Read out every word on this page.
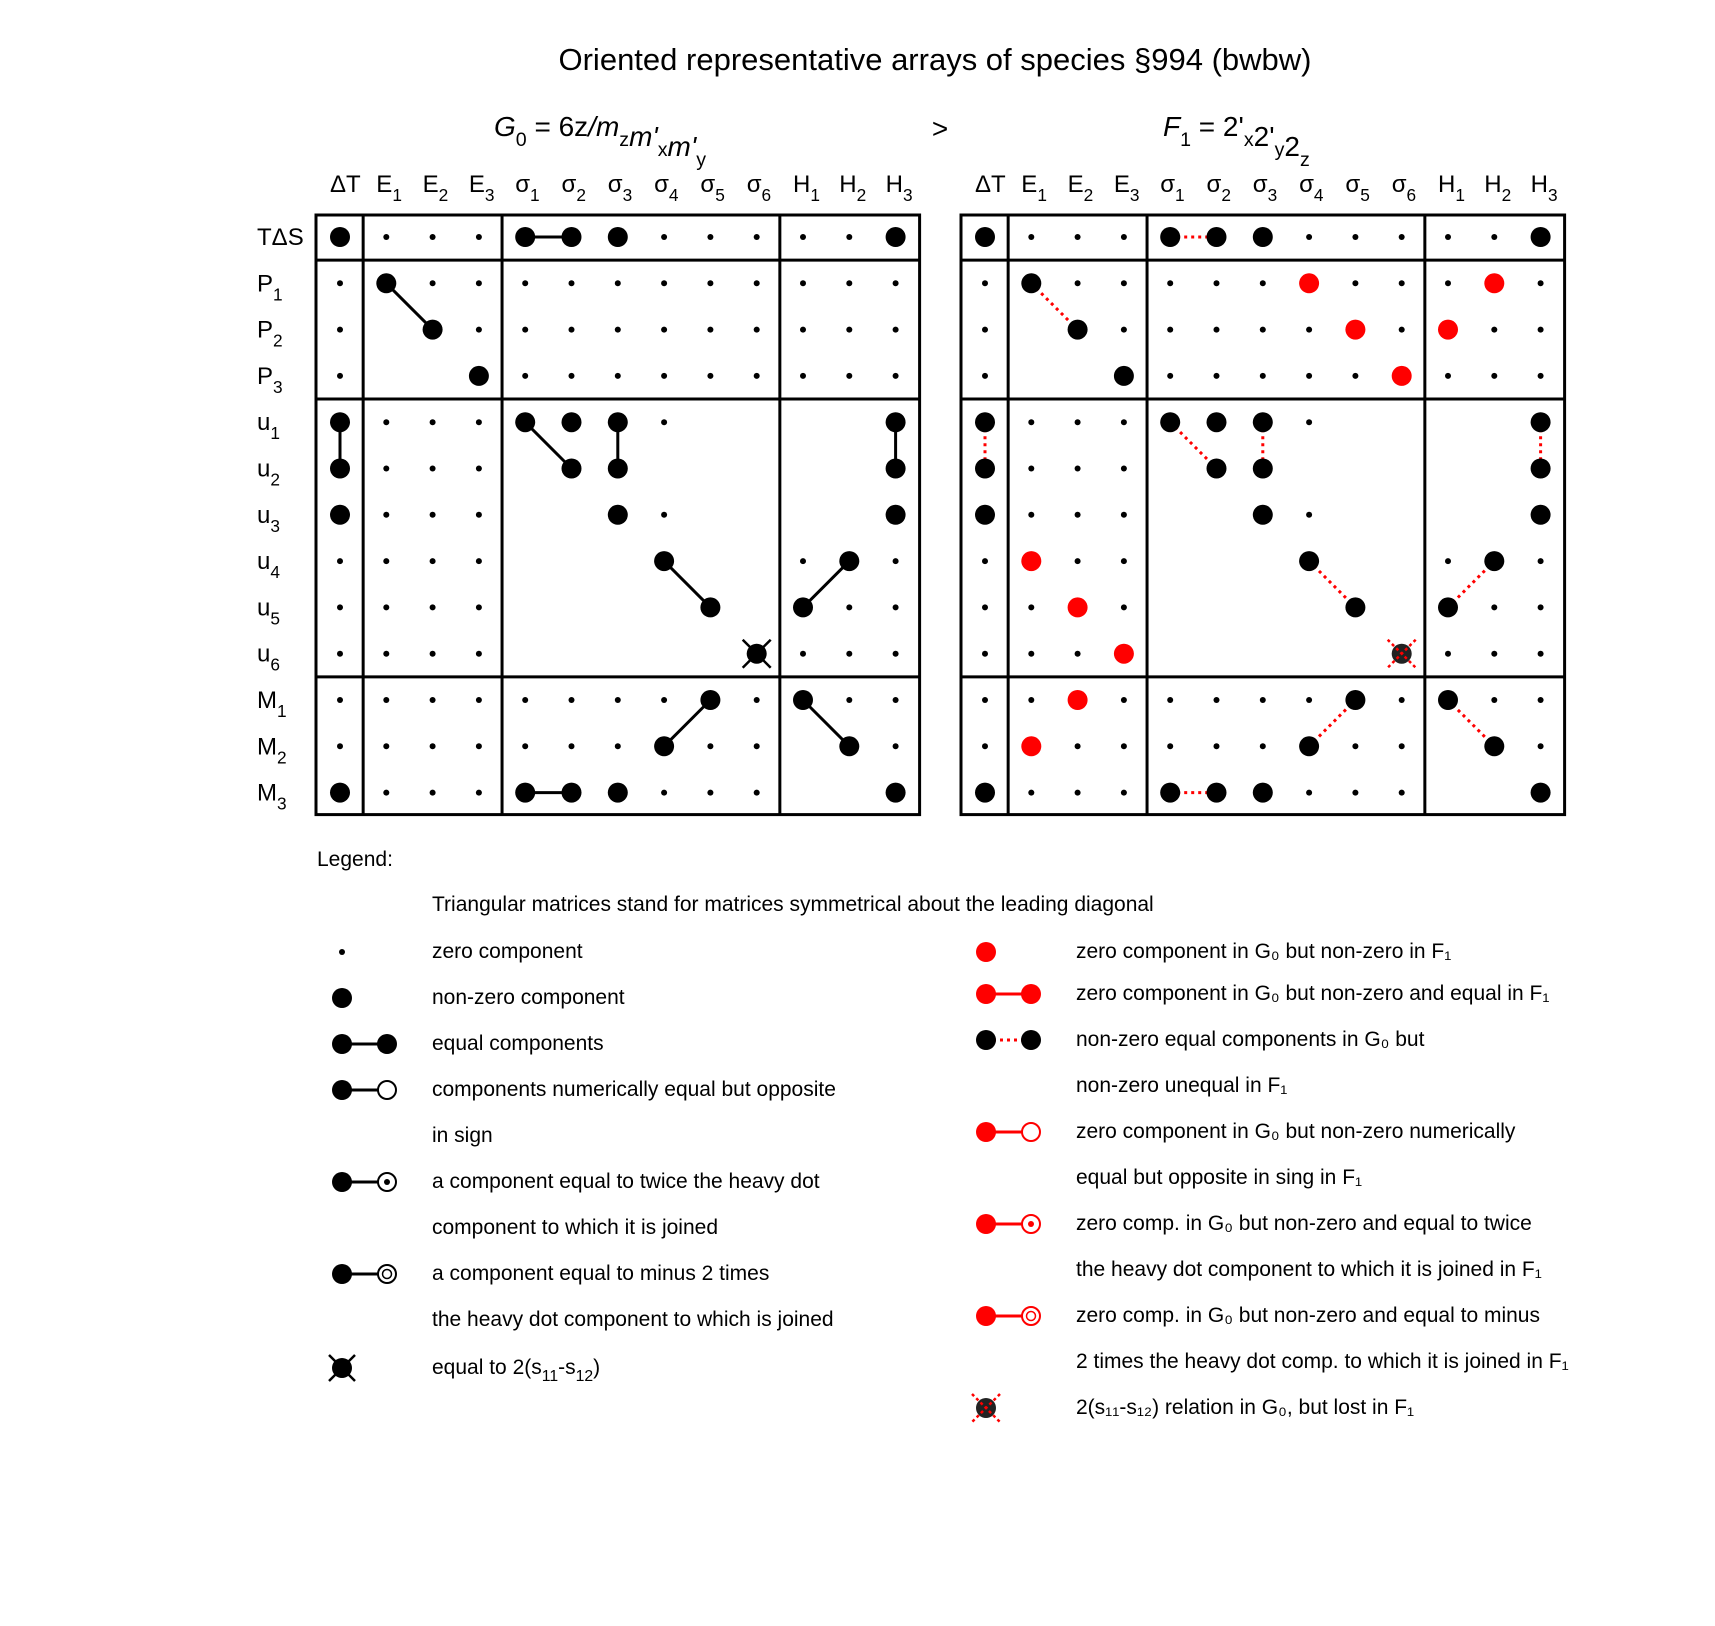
Oriented representative arrays of species §994 (bwbw)
$G_0 = 6z/m_zm'_xm'_y$
>	$F_1 = 2'_x2'_y2_z$
ΔT $E_1$ $E_2$ $E_3$ $\sigma_1$ $\sigma_2$ $\sigma_3$ $\sigma_4$ $\sigma_5$ $\sigma_6$ $H_1$ $H_2$ $H_3$
TΔS
$P_1$
$P_2$
$P_3$
$u_1$
$u_2$
$u_3$
$u_4$
$u_5$
$u_6$
$M_1$
$M_2$
$M_3$
ΔT $E_1$ $E_2$ $E_3$ $\sigma_1$ $\sigma_2$ $\sigma_3$ $\sigma_4$ $\sigma_5$ $\sigma_6$ $H_1$ $H_2$ $H_3$
Legend:
Triangular matrices stand for matrices symmetrical about the leading diagonal
zero component
non-zero component
equal components
components numerically equal but opposite
in sign
a component equal to twice the heavy dot
component to which it is joined
a component equal to minus 2 times
the heavy dot component to which is joined
equal to $2(s_{11}-s_{12})$
zero component in G₀ but non-zero in F₁
zero component in G₀ but non-zero and equal in F₁
non-zero equal components in G₀ but
non-zero unequal in F₁
zero component in G₀ but non-zero numerically
equal but opposite in sing in F₁
zero comp. in G₀ but non-zero and equal to twice
the heavy dot component to which it is joined in F₁
zero comp. in G₀ but non-zero and equal to minus
2 times the heavy dot comp. to which it is joined in F₁
2(s₁₁-s₁₂) relation in G₀, but lost in F₁
